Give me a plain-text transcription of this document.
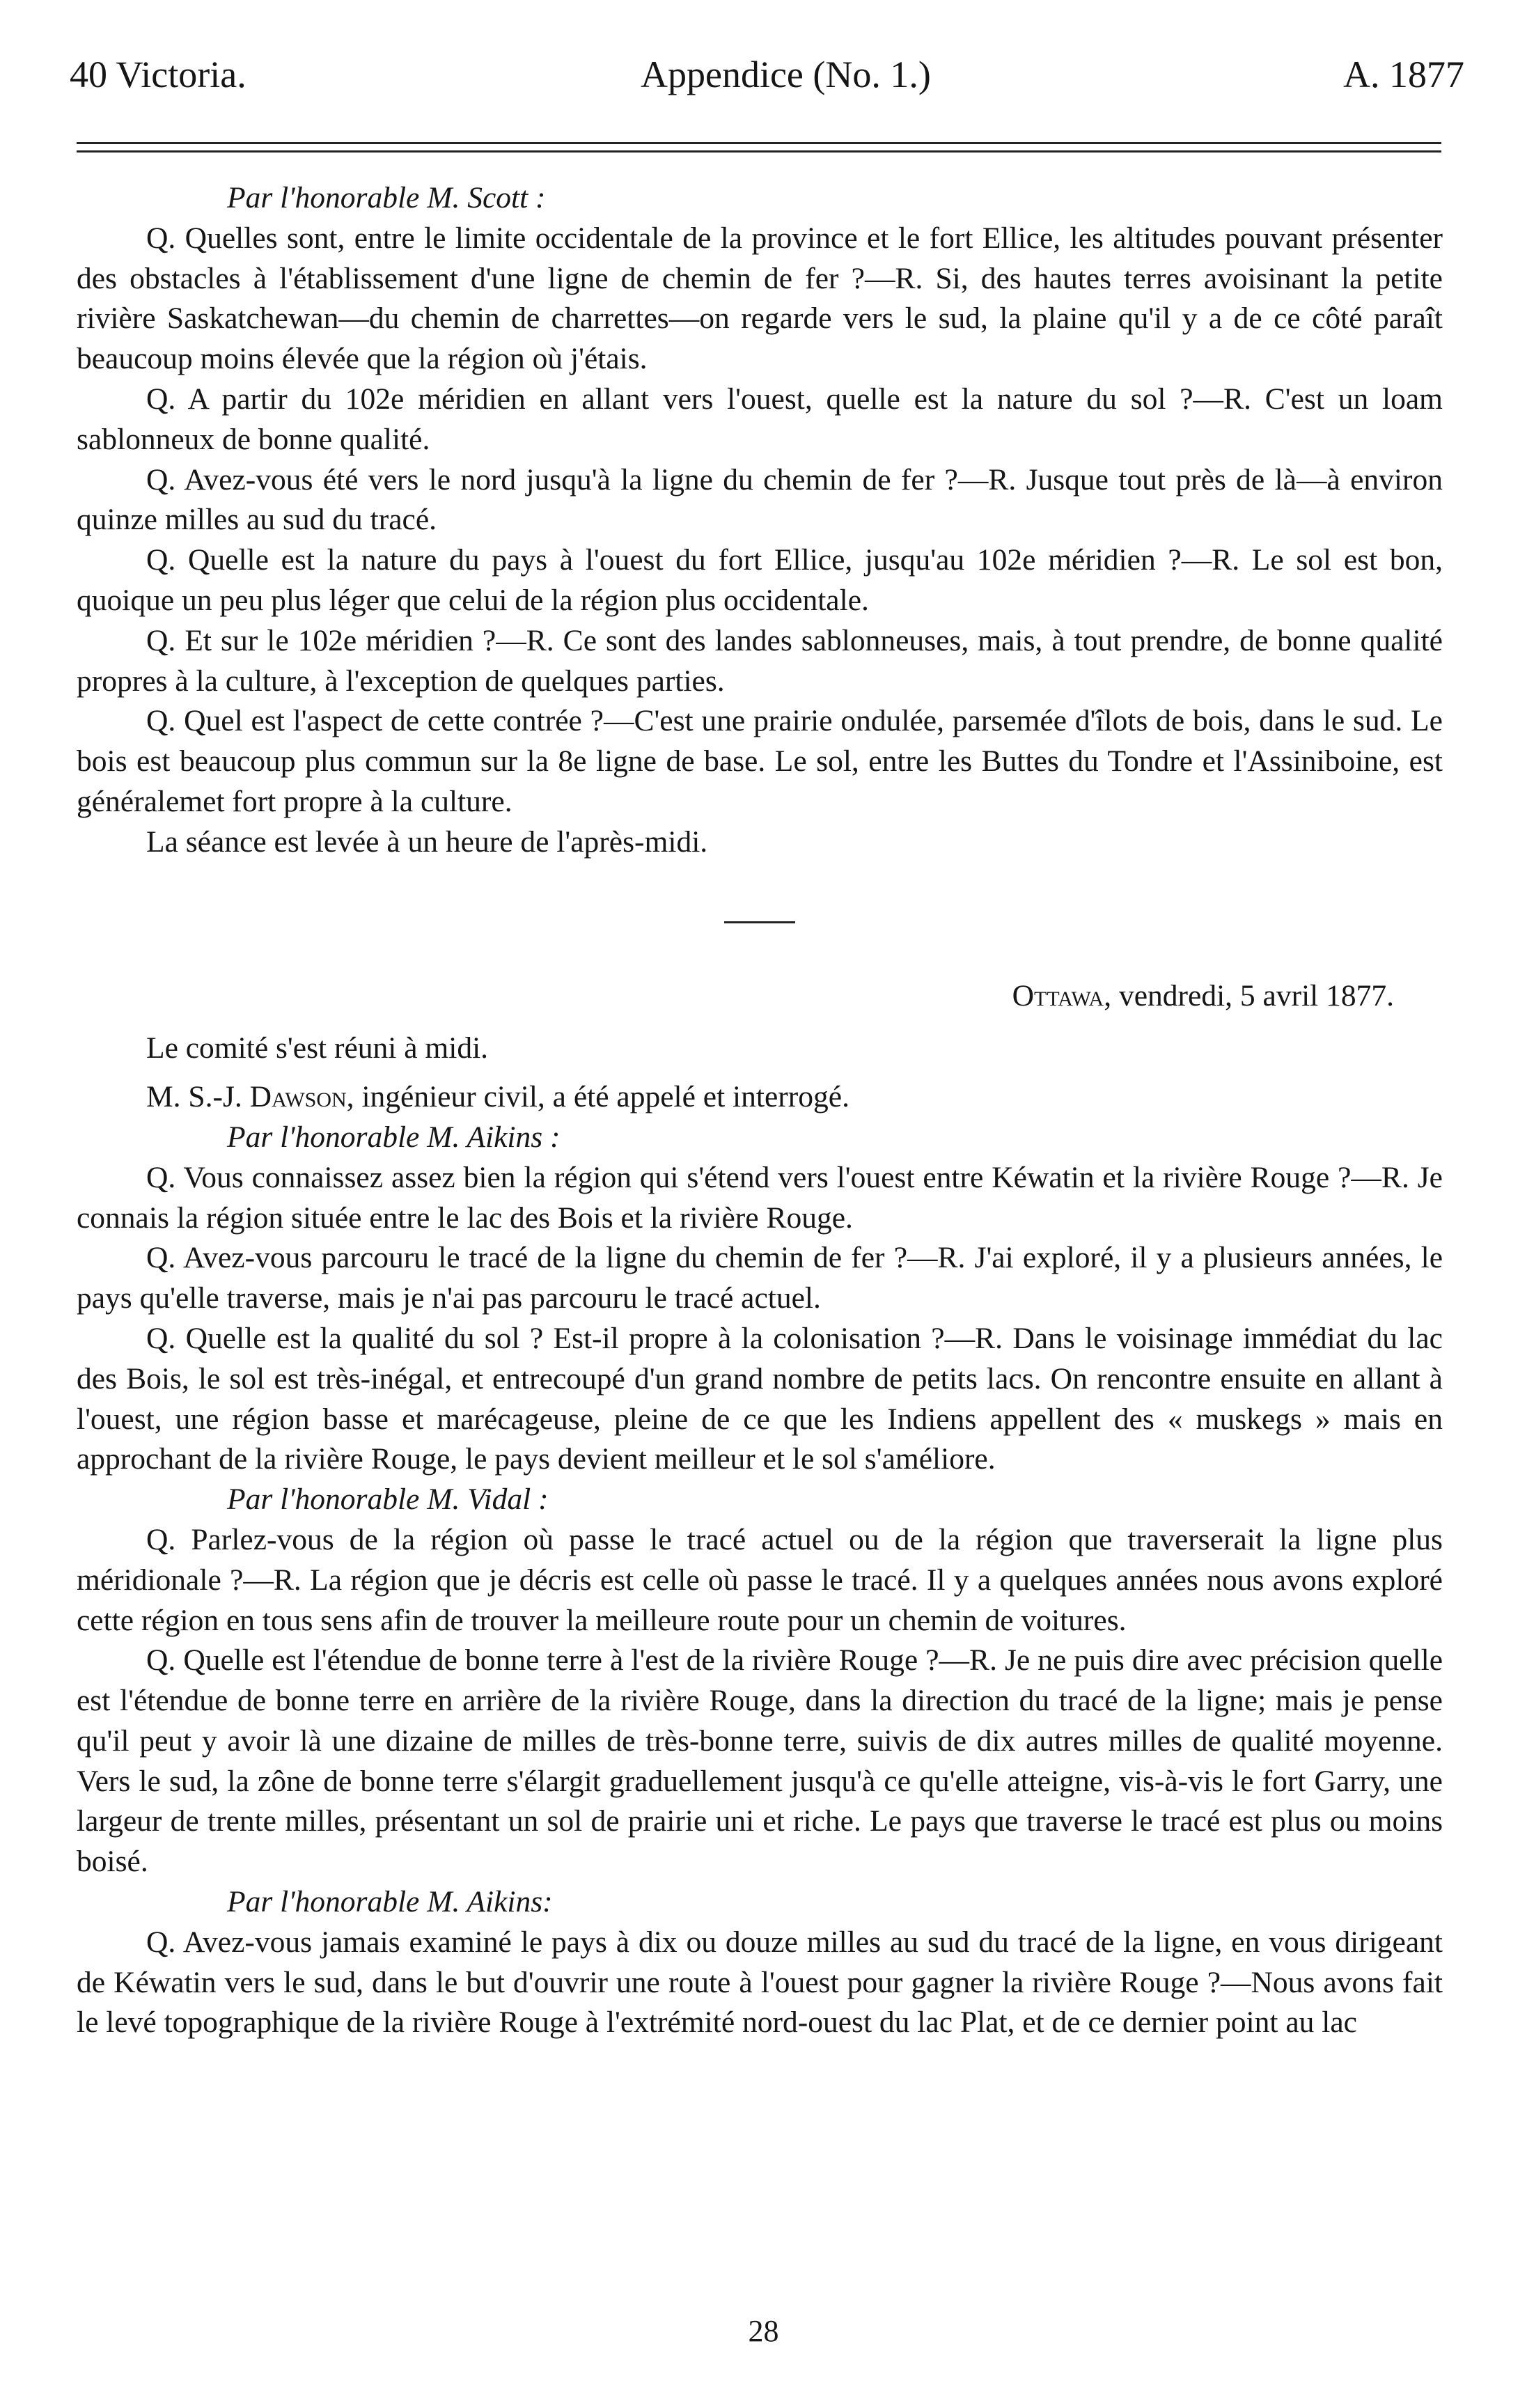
40 Victoria.	Appendice (No. 1.)	A. 1877

Par l'honorable M. Scott :

Q. Quelles sont, entre le limite occidentale de la province et le fort Ellice, les altitudes pouvant présenter des obstacles à l'établissement d'une ligne de chemin de fer ?—R. Si, des hautes terres avoisinant la petite rivière Saskatchewan—du chemin de charrettes—on regarde vers le sud, la plaine qu'il y a de ce côté paraît beaucoup moins élevée que la région où j'étais.

Q. A partir du 102e méridien en allant vers l'ouest, quelle est la nature du sol ?—R. C'est un loam sablonneux de bonne qualité.

Q. Avez-vous été vers le nord jusqu'à la ligne du chemin de fer ?—R. Jusque tout près de là—à environ quinze milles au sud du tracé.

Q. Quelle est la nature du pays à l'ouest du fort Ellice, jusqu'au 102e méridien ?—R. Le sol est bon, quoique un peu plus léger que celui de la région plus occidentale.

Q. Et sur le 102e méridien ?—R. Ce sont des landes sablonneuses, mais, à tout prendre, de bonne qualité propres à la culture, à l'exception de quelques parties.

Q. Quel est l'aspect de cette contrée ?—C'est une prairie ondulée, parsemée d'îlots de bois, dans le sud. Le bois est beaucoup plus commun sur la 8e ligne de base. Le sol, entre les Buttes du Tondre et l'Assiniboine, est généralemet fort propre à la culture.

La séance est levée à un heure de l'après-midi.

Ottawa, vendredi, 5 avril 1877.

Le comité s'est réuni à midi.

M. S.-J. Dawson, ingénieur civil, a été appelé et interrogé.

Par l'honorable M. Aikins :

Q. Vous connaissez assez bien la région qui s'étend vers l'ouest entre Kéwatin et la rivière Rouge ?—R. Je connais la région située entre le lac des Bois et la rivière Rouge.

Q. Avez-vous parcouru le tracé de la ligne du chemin de fer ?—R. J'ai exploré, il y a plusieurs années, le pays qu'elle traverse, mais je n'ai pas parcouru le tracé actuel.

Q. Quelle est la qualité du sol ? Est-il propre à la colonisation ?—R. Dans le voisinage immédiat du lac des Bois, le sol est très-inégal, et entrecoupé d'un grand nombre de petits lacs. On rencontre ensuite en allant à l'ouest, une région basse et marécageuse, pleine de ce que les Indiens appellent des « muskegs » mais en approchant de la rivière Rouge, le pays devient meilleur et le sol s'améliore.

Par l'honorable M. Vidal :

Q. Parlez-vous de la région où passe le tracé actuel ou de la région que traverserait la ligne plus méridionale ?—R. La région que je décris est celle où passe le tracé. Il y a quelques années nous avons exploré cette région en tous sens afin de trouver la meilleure route pour un chemin de voitures.

Q. Quelle est l'étendue de bonne terre à l'est de la rivière Rouge ?—R. Je ne puis dire avec précision quelle est l'étendue de bonne terre en arrière de la rivière Rouge, dans la direction du tracé de la ligne; mais je pense qu'il peut y avoir là une dizaine de milles de très-bonne terre, suivis de dix autres milles de qualité moyenne. Vers le sud, la zône de bonne terre s'élargit graduellement jusqu'à ce qu'elle atteigne, vis-à-vis le fort Garry, une largeur de trente milles, présentant un sol de prairie uni et riche. Le pays que traverse le tracé est plus ou moins boisé.

Par l'honorable M. Aikins:

Q. Avez-vous jamais examiné le pays à dix ou douze milles au sud du tracé de la ligne, en vous dirigeant de Kéwatin vers le sud, dans le but d'ouvrir une route à l'ouest pour gagner la rivière Rouge ?—Nous avons fait le levé topographique de la rivière Rouge à l'extrémité nord-ouest du lac Plat, et de ce dernier point au lac

28
